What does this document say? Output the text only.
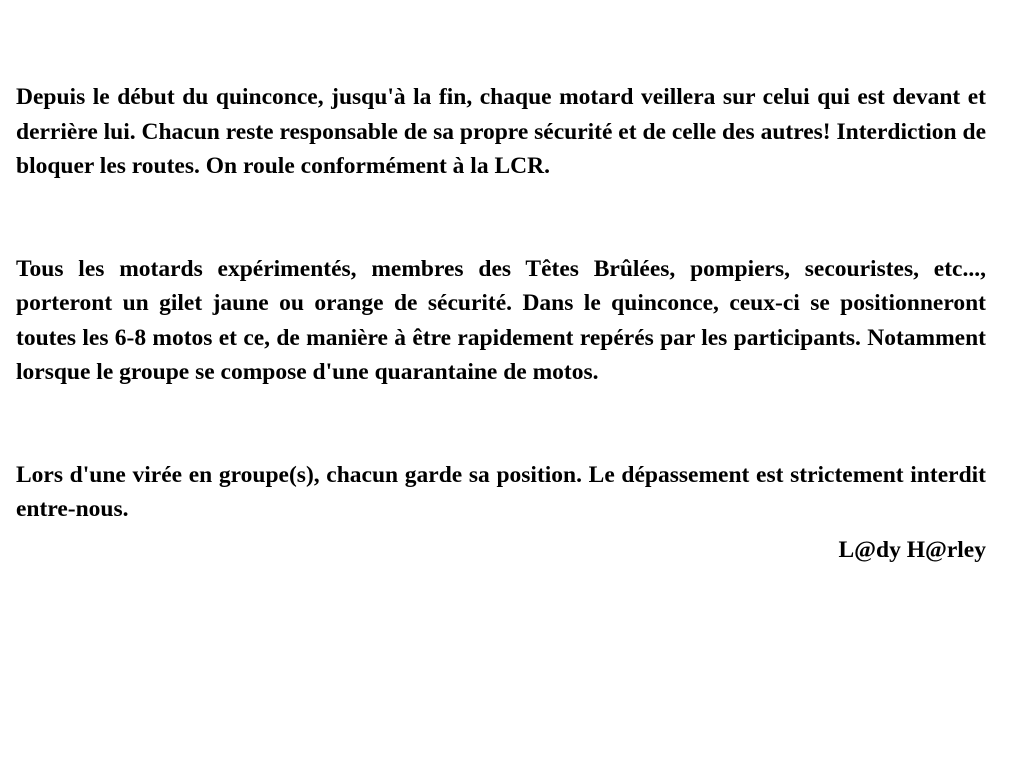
Depuis le début du quinconce, jusqu'à la fin, chaque motard veillera sur celui qui est devant et derrière lui. Chacun reste responsable de sa propre sécurité et de celle des autres! Interdiction de bloquer les routes. On roule conformément à la LCR.

Tous les motards expérimentés, membres des Têtes Brûlées, pompiers, secouristes, etc..., porteront un gilet jaune ou orange de sécurité. Dans le quinconce, ceux-ci se positionneront toutes les 6-8 motos et ce, de manière à être rapidement repérés par les participants. Notamment lorsque le groupe se compose d'une quarantaine de motos.

Lors d'une virée en groupe(s), chacun garde sa position. Le dépassement est strictement interdit entre-nous.

L@dy H@rley
